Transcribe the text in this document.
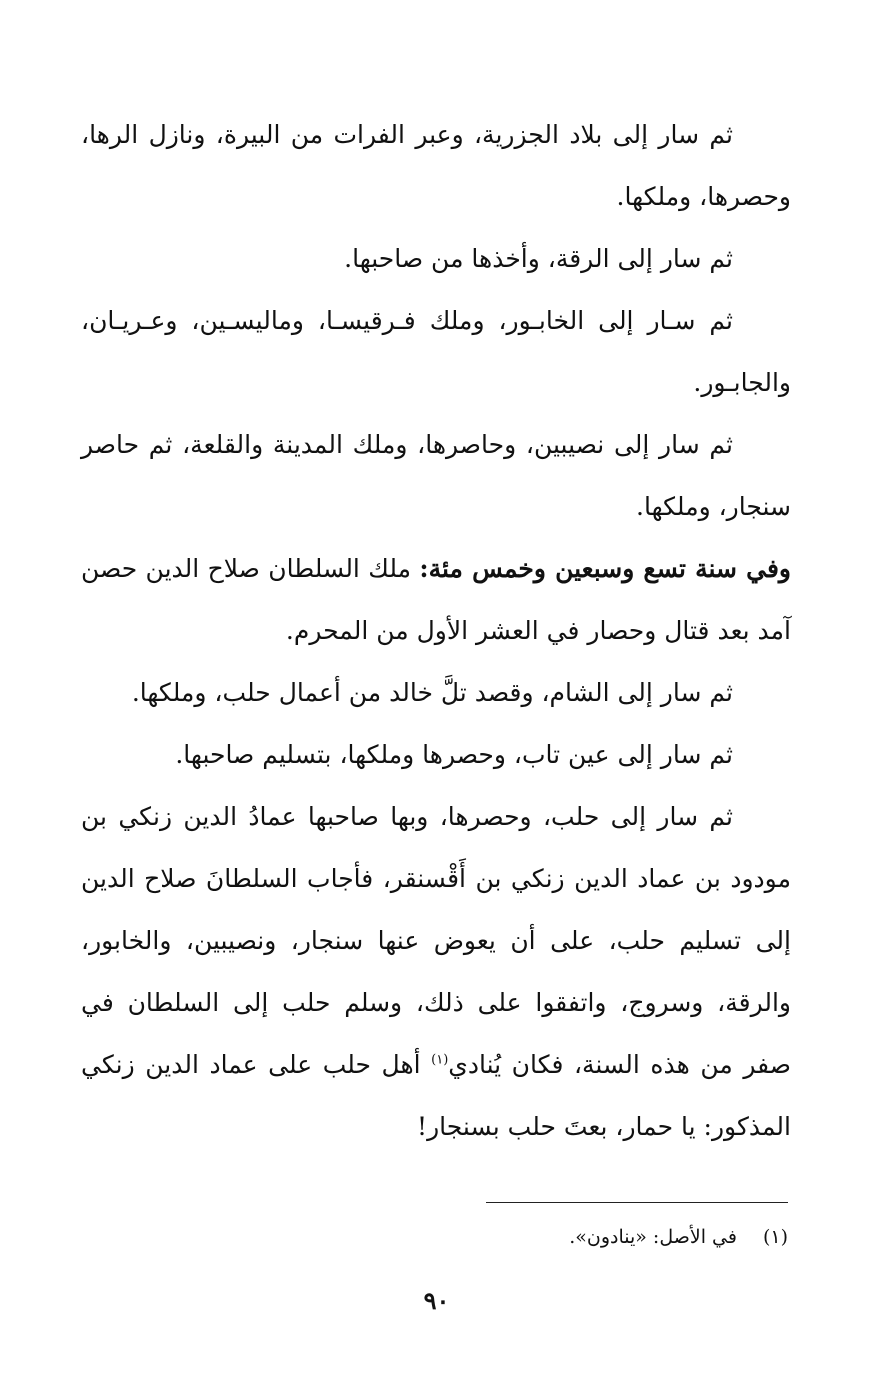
ثم سار إلى بلاد الجزرية، وعبر الفرات من البيرة، ونازل الرها، وحصرها، وملكها.

ثم سار إلى الرقة، وأخذها من صاحبها.

ثم سـار إلى الخابـور، وملك فـرقيسـا، وماليسـين، وعـريـان، والجابـور.

ثم سار إلى نصيبين، وحاصرها، وملك المدينة والقلعة، ثم حاصر سنجار، وملكها.

وفي سنة تسع وسبعين وخمس مئة: ملك السلطان صلاح الدين حصن آمد بعد قتال وحصار في العشر الأول من المحرم.

ثم سار إلى الشام، وقصد تلَّ خالد من أعمال حلب، وملكها.

ثم سار إلى عين تاب، وحصرها وملكها، بتسليم صاحبها.

ثم سار إلى حلب، وحصرها، وبها صاحبها عمادُ الدين زنكي بن مودود بن عماد الدين زنكي بن أَقْسنقر، فأجاب السلطانَ صلاح الدين إلى تسليم حلب، على أن يعوض عنها سنجار، ونصيبين، والخابور، والرقة، وسروج، واتفقوا على ذلك، وسلم حلب إلى السلطان في صفر من هذه السنة، فكان يُنادي$^{(١)}$ أهل حلب على عماد الدين زنكي المذكور: يا حمار، بعتَ حلب بسنجار!

(١)في الأصل: «ينادون».
٩٠
